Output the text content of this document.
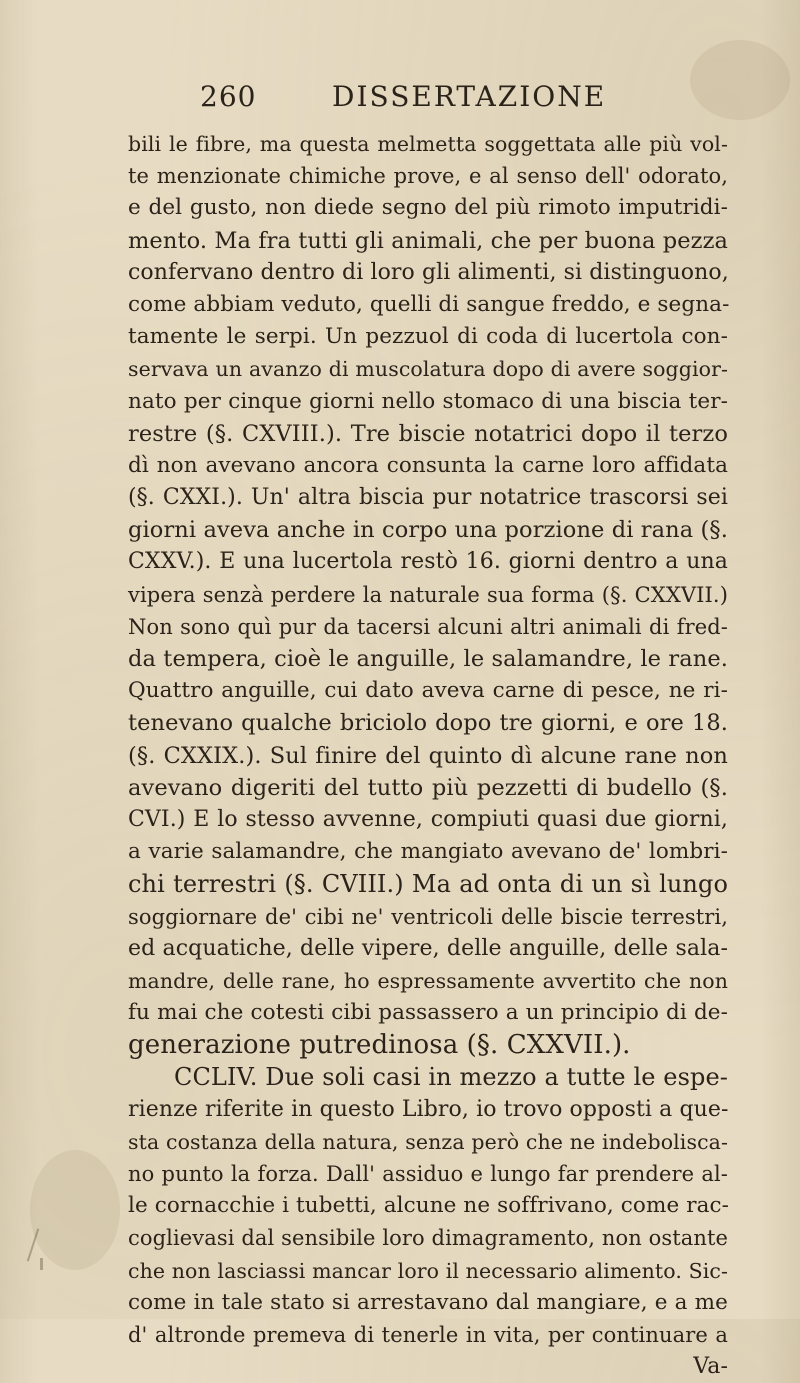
260	DISSERTAZIONE
bili le fibre, ma questa melmetta soggettata alle più vol-
te menzionate chimiche prove, e al senso dell' odorato,
e del gusto, non diede segno del più rimoto imputridi-
mento. Ma fra tutti gli animali, che per buona pezza
confervano dentro di loro gli alimenti, si distinguono,
come abbiam veduto, quelli di sangue freddo, e segna-
tamente le serpi. Un pezzuol di coda di lucertola con-
servava un avanzo di muscolatura dopo di avere soggior-
nato per cinque giorni nello stomaco di una biscia ter-
restre (§. CXVIII.). Tre biscie notatrici dopo il terzo
dì non avevano ancora consunta la carne loro affidata
(§. CXXI.). Un' altra biscia pur notatrice trascorsi sei
giorni aveva anche in corpo una porzione di rana (§.
CXXV.). E una lucertola restò 16. giorni dentro a una
vipera senzà perdere la naturale sua forma (§. CXXVII.)
Non sono quì pur da tacersi alcuni altri animali di fred-
da tempera, cioè le anguille, le salamandre, le rane.
Quattro anguille, cui dato aveva carne di pesce, ne ri-
tenevano qualche briciolo dopo tre giorni, e ore 18.
(§. CXXIX.). Sul finire del quinto dì alcune rane non
avevano digeriti del tutto più pezzetti di budello (§.
CVI.) E lo stesso avvenne, compiuti quasi due giorni,
a varie salamandre, che mangiato avevano de' lombri-
chi terrestri (§. CVIII.) Ma ad onta di un sì lungo
soggiornare de' cibi ne' ventricoli delle biscie terrestri,
ed acquatiche, delle vipere, delle anguille, delle sala-
mandre, delle rane, ho espressamente avvertito che non
fu mai che cotesti cibi passassero a un principio di de-
generazione putredinosa (§. CXXVII.).
CCLIV. Due soli casi in mezzo a tutte le espe-
rienze riferite in questo Libro, io trovo opposti a que-
sta costanza della natura, senza però che ne indebolisca-
no punto la forza. Dall' assiduo e lungo far prendere al-
le cornacchie i tubetti, alcune ne soffrivano, come rac-
coglievasi dal sensibile loro dimagramento, non ostante
che non lasciassi mancar loro il necessario alimento. Sic-
come in tale stato si arrestavano dal mangiare, e a me
d' altronde premeva di tenerle in vita, per continuare a
Va-
